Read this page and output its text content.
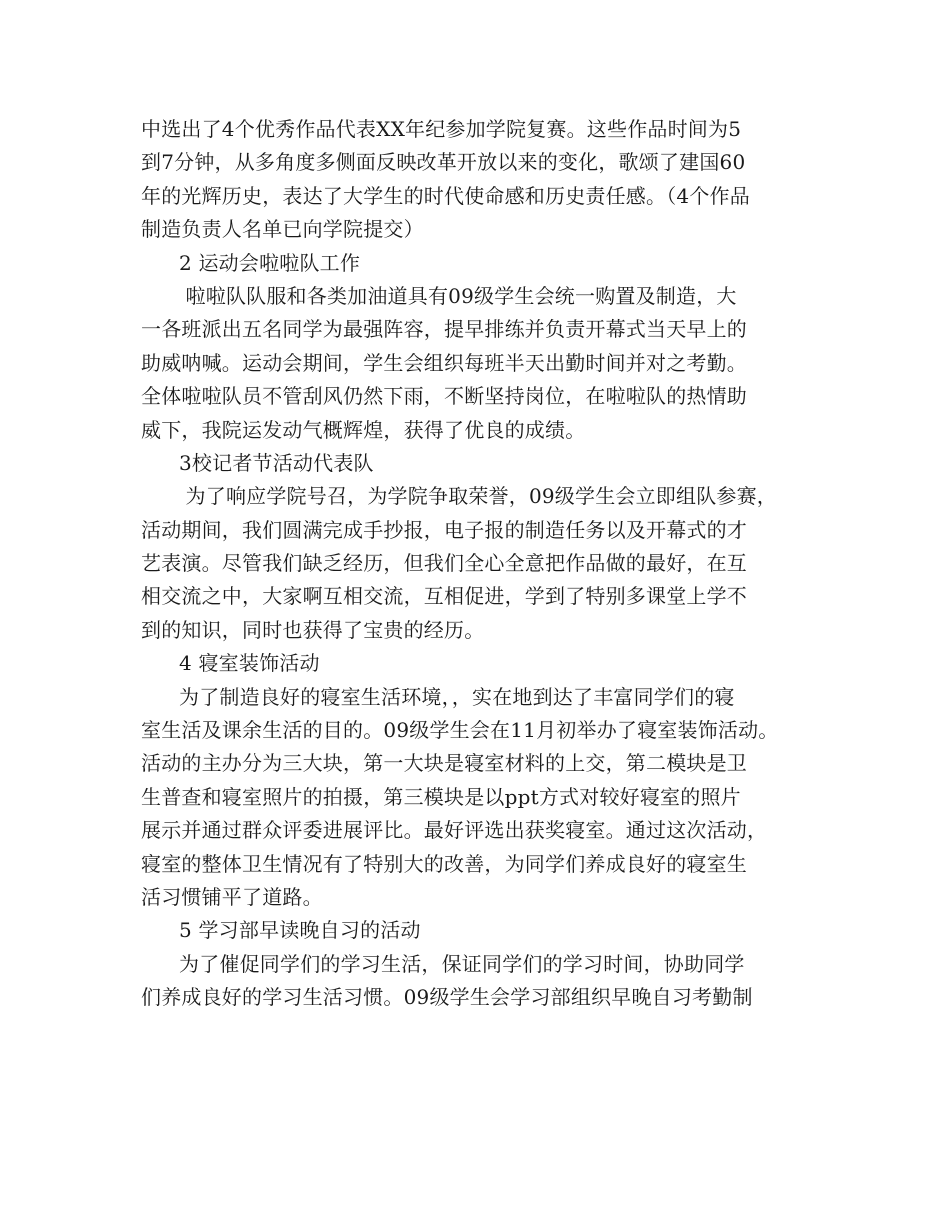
中选出了4个优秀作品代表XX年纪参加学院复赛。这些作品时间为5
到7分钟，从多角度多侧面反映改革开放以来的变化，歌颂了建国60
年的光辉历史，表达了大学生的时代使命感和历史责任感。（4个作品
制造负责人名单已向学院提交）
2 运动会啦啦队工作
啦啦队队服和各类加油道具有09级学生会统一购置及制造，大
一各班派出五名同学为最强阵容，提早排练并负责开幕式当天早上的
助威呐喊。运动会期间，学生会组织每班半天出勤时间并对之考勤。
全体啦啦队员不管刮风仍然下雨，不断坚持岗位，在啦啦队的热情助
威下，我院运发动气概辉煌，获得了优良的成绩。
3校记者节活动代表队
为了响应学院号召，为学院争取荣誉，09级学生会立即组队参赛，
活动期间，我们圆满完成手抄报，电子报的制造任务以及开幕式的才
艺表演。尽管我们缺乏经历，但我们全心全意把作品做的最好，在互
相交流之中，大家啊互相交流，互相促进，学到了特别多课堂上学不
到的知识，同时也获得了宝贵的经历。
4 寝室装饰活动
为了制造良好的寝室生活环境，，实在地到达了丰富同学们的寝
室生活及课余生活的目的。09级学生会在11月初举办了寝室装饰活动。
活动的主办分为三大块，第一大块是寝室材料的上交，第二模块是卫
生普查和寝室照片的拍摄，第三模块是以ppt方式对较好寝室的照片
展示并通过群众评委进展评比。最好评选出获奖寝室。通过这次活动，
寝室的整体卫生情况有了特别大的改善，为同学们养成良好的寝室生
活习惯铺平了道路。
5 学习部早读晚自习的活动
为了催促同学们的学习生活，保证同学们的学习时间，协助同学
们养成良好的学习生活习惯。09级学生会学习部组织早晚自习考勤制
